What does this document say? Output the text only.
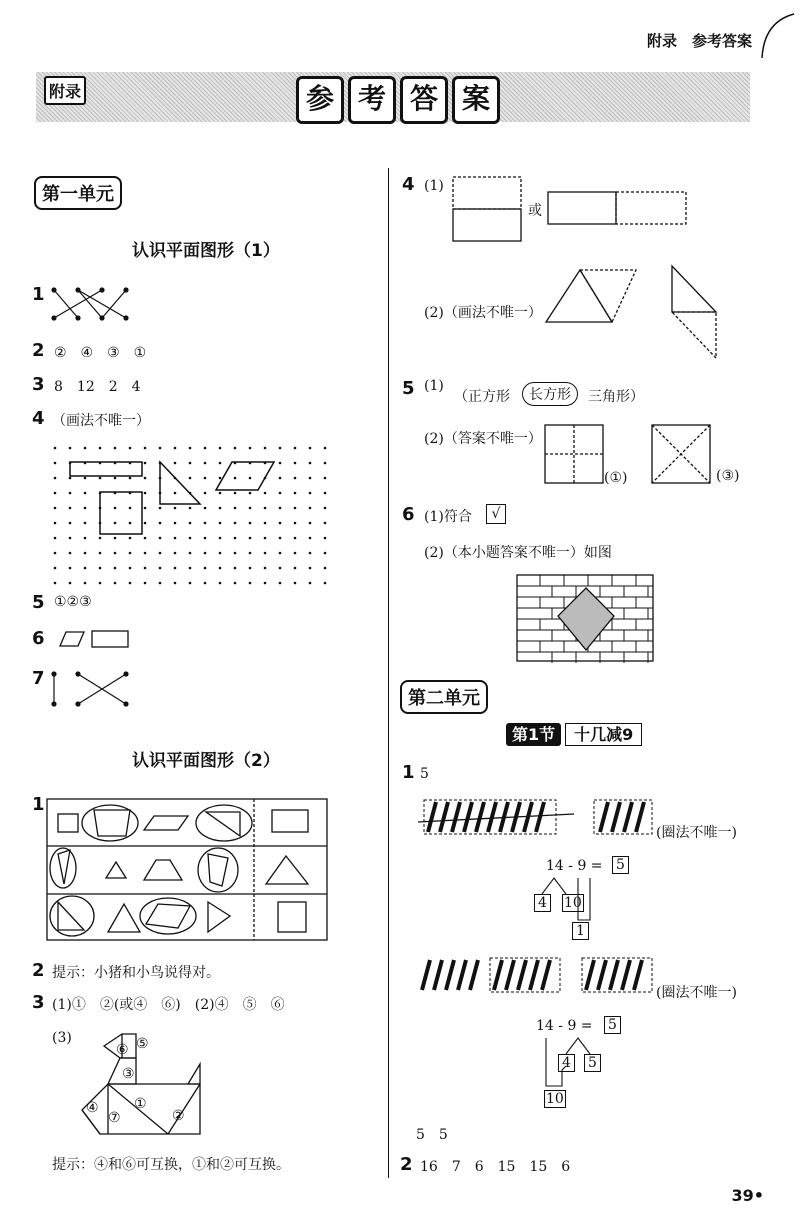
附录　参考答案
附录	参 考 答 案
第一单元
认识平面图形（1）
1
2 ②　④　③　①
3 8　12　2　4
4 （画法不唯一）
5 ①②③
6
7
认识平面图形（2）
1
2 提示：小猪和小鸟说得对。
3 (1)①　②(或④　⑥)　(2)④　⑤　⑥
(3)
⑥ ⑤
③
①
④
⑦	②
提示：④和⑥可互换，①和②可互换。
4 (1)
或
(2)（画法不唯一）
5 (1)
（正方形	长方形	三角形）
(2)（答案不唯一）
(①)	(③)
6 (1)符合	√
(2)（本小题答案不唯一）如图
第二单元
第1节 十几减9
1 5
(圈法不唯一)
14 - 9 = 5
4 10
1
(圈法不唯一)
14 - 9 = 5
4 5
10
5　5
2 16　7　6　15　15　6
39•
